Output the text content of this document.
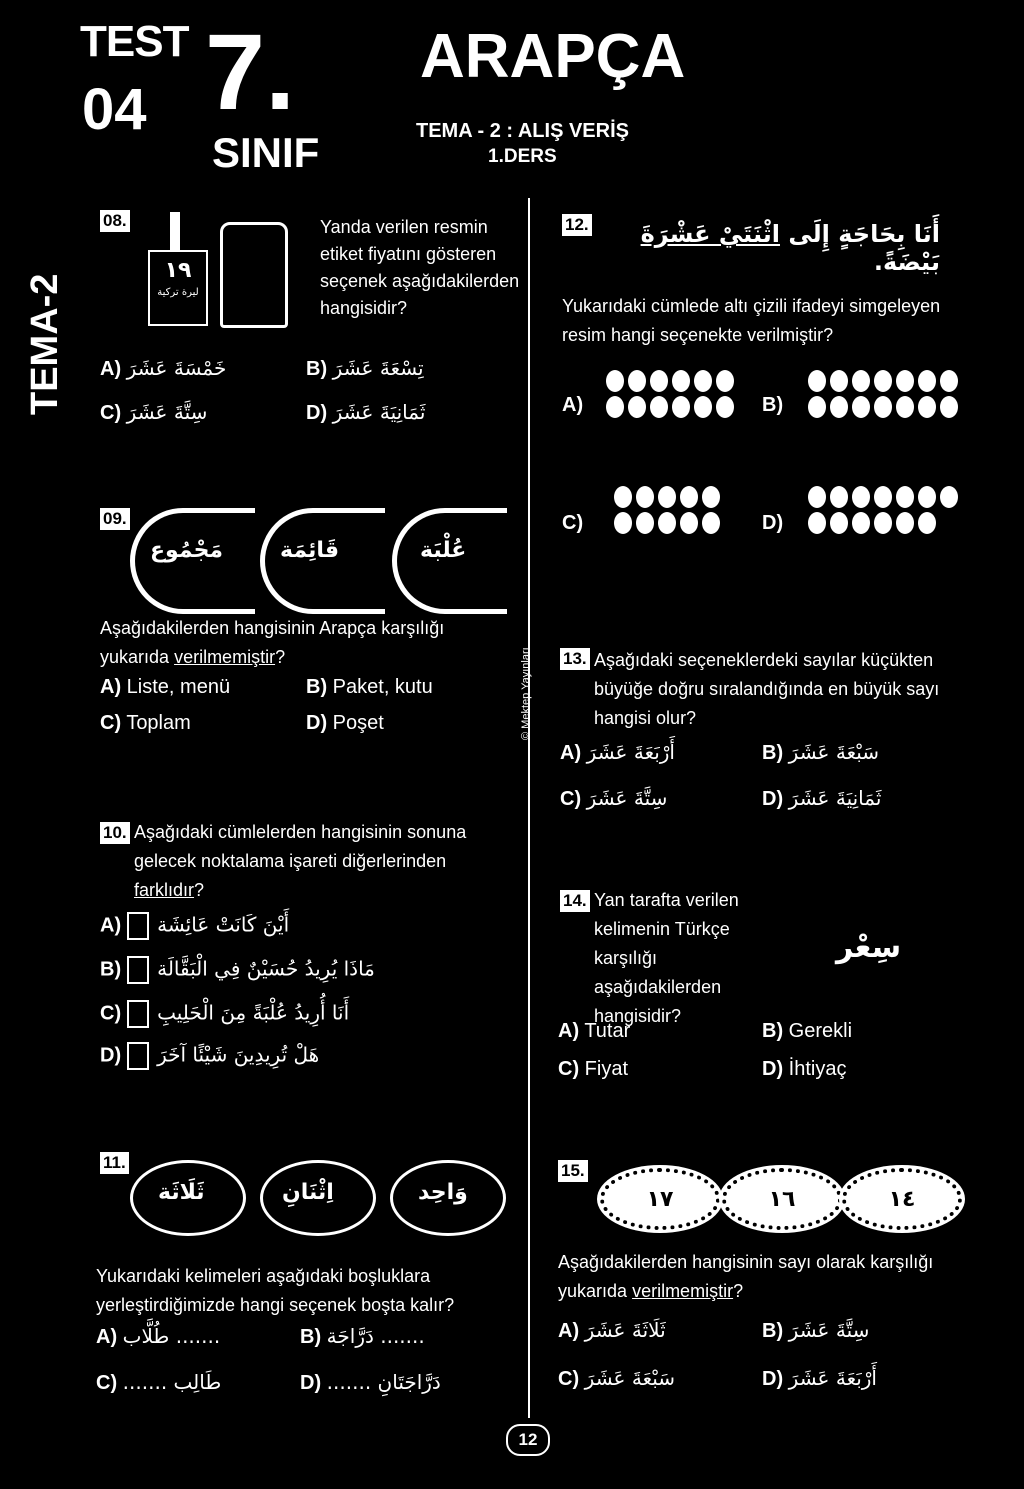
TEST
04 7.
SINIF
ARAPÇA
TEMA - 2 : ALIŞ VERİŞ
1.DERS
TEMA-2
© Mektep Yayınları
08.
١٩
ليرة تركية
Yanda verilen resmin etiket fiyatını gösteren seçenek aşağıdakilerden hangisidir?
A) خَمْسَةَ عَشَرَ	B) تِسْعَةَ عَشَرَ
C) سِتَّةَ عَشَرَ	D) ثَمَانِيَةَ عَشَرَ
09.
مَجْمُوع	قَائِمَة	عُلْبَة
Aşağıdakilerden hangisinin Arapça karşılığı yukarıda verilmemiştir?
A) Liste, menü	B) Paket, kutu
C) Toplam	D) Poşet
10. Aşağıdaki cümlelerden hangisinin sonuna gelecek noktalama işareti diğerlerinden farklıdır?
A) أَيْنَ كَانَتْ عَائِشَة
B) مَاذَا يُرِيدُ حُسَيْنٌ فِي الْبَقَّالَة
C) أَنَا أُرِيدُ عُلْبَةً مِنَ الْحَلِيبِ
D) هَلْ تُرِيدِينَ شَيْئًا آخَرَ
11.
ثَلَاثَة	اِثْنَانِ	وَاحِد
Yukarıdaki kelimeleri aşağıdaki boşluklara yerleştirdiğimizde hangi seçenek boşta kalır?
A) ....... طُلَّاب	B) ....... دَرَّاجَة
C) طَالِب .......	D) دَرَّاجَتَانِ .......
12.	أَنَا بِحَاجَةٍ إِلَى اثْنَتَيْ عَشْرَةَ بَيْضَةً.
Yukarıdaki cümlede altı çizili ifadeyi simgeleyen resim hangi seçenekte verilmiştir?
A)	B)
C)	D)
13. Aşağıdaki seçeneklerdeki sayılar küçükten büyüğe doğru sıralandığında en büyük sayı hangisi olur?
A) أَرْبَعَةَ عَشَرَ	B) سَبْعَةَ عَشَرَ
C) سِتَّةَ عَشَرَ	D) ثَمَانِيَةَ عَشَرَ
14. Yan tarafta verilen kelimenin Türkçe karşılığı aşağıdakilerden hangisidir?
سِعْر
A) Tutar	B) Gerekli
C) Fiyat	D) İhtiyaç
15.
١٧	١٦	١٤
Aşağıdakilerden hangisinin sayı olarak karşılığı yukarıda verilmemiştir?
A) ثَلَاثَةَ عَشَرَ	B) سِتَّةَ عَشَرَ
C) سَبْعَةَ عَشَرَ	D) أَرْبَعَةَ عَشَرَ
12
